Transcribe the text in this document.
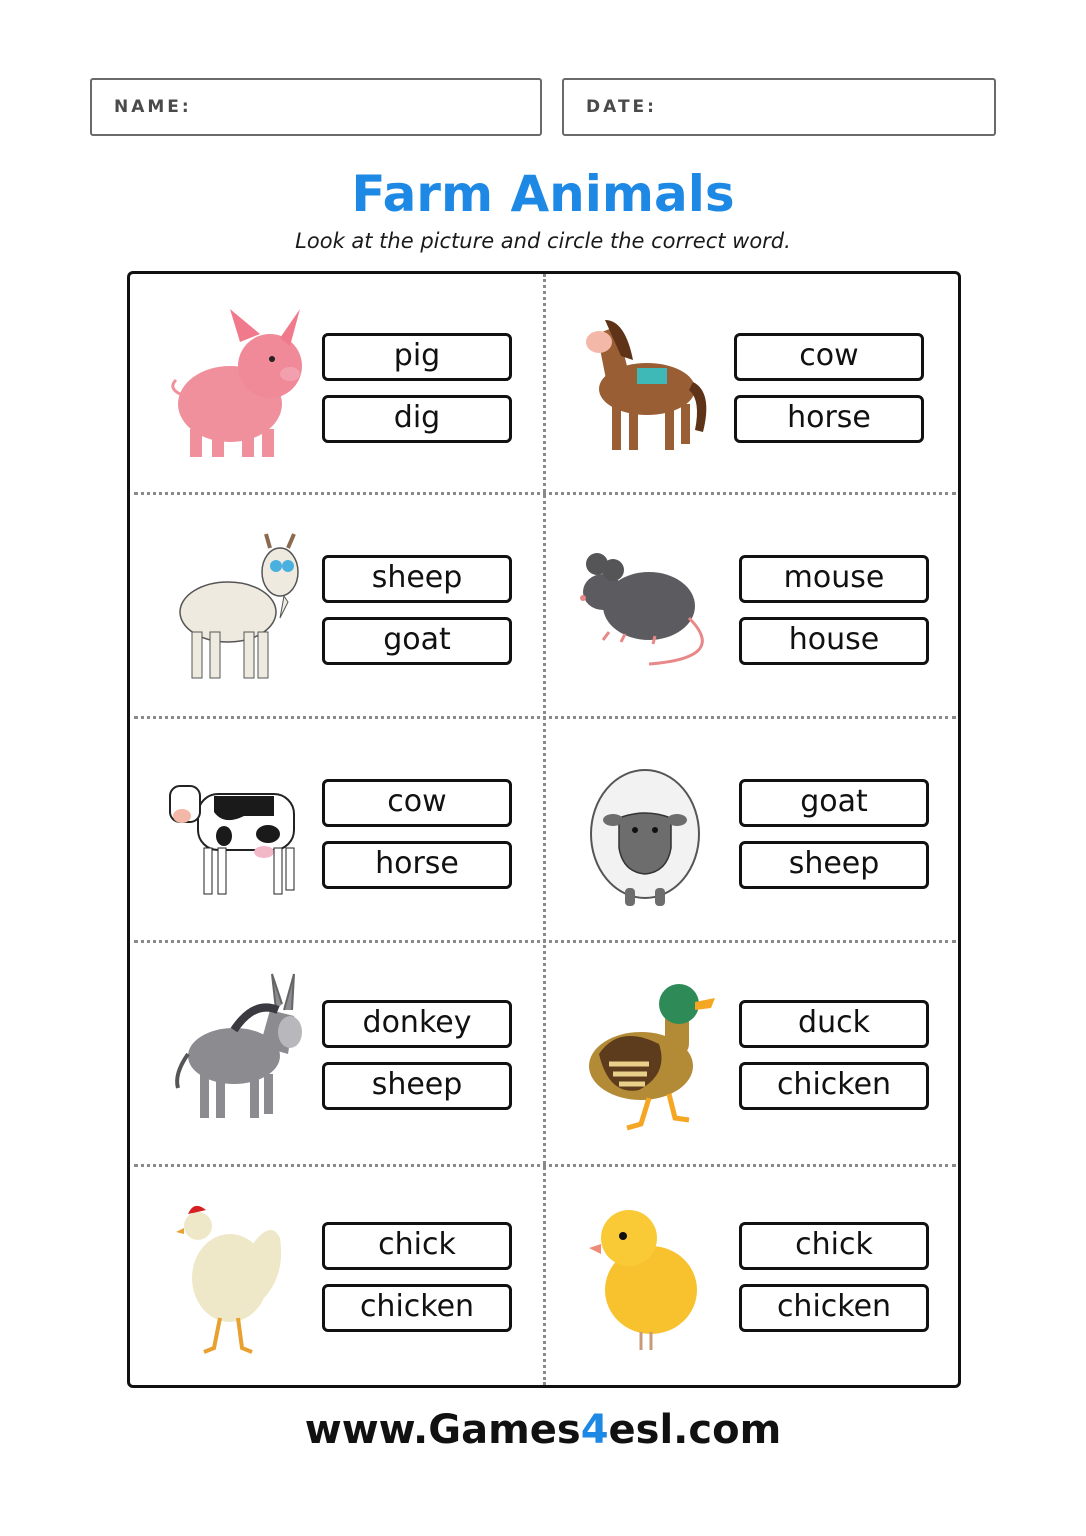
NAME:	DATE:
Farm Animals
Look at the picture and circle the correct word.
pig
dig
cow
horse
sheep
goat
mouse
house
cow
horse
goat
sheep
donkey
sheep
duck
chicken
chick
chicken
chick
chicken
www.Games4esl.com
